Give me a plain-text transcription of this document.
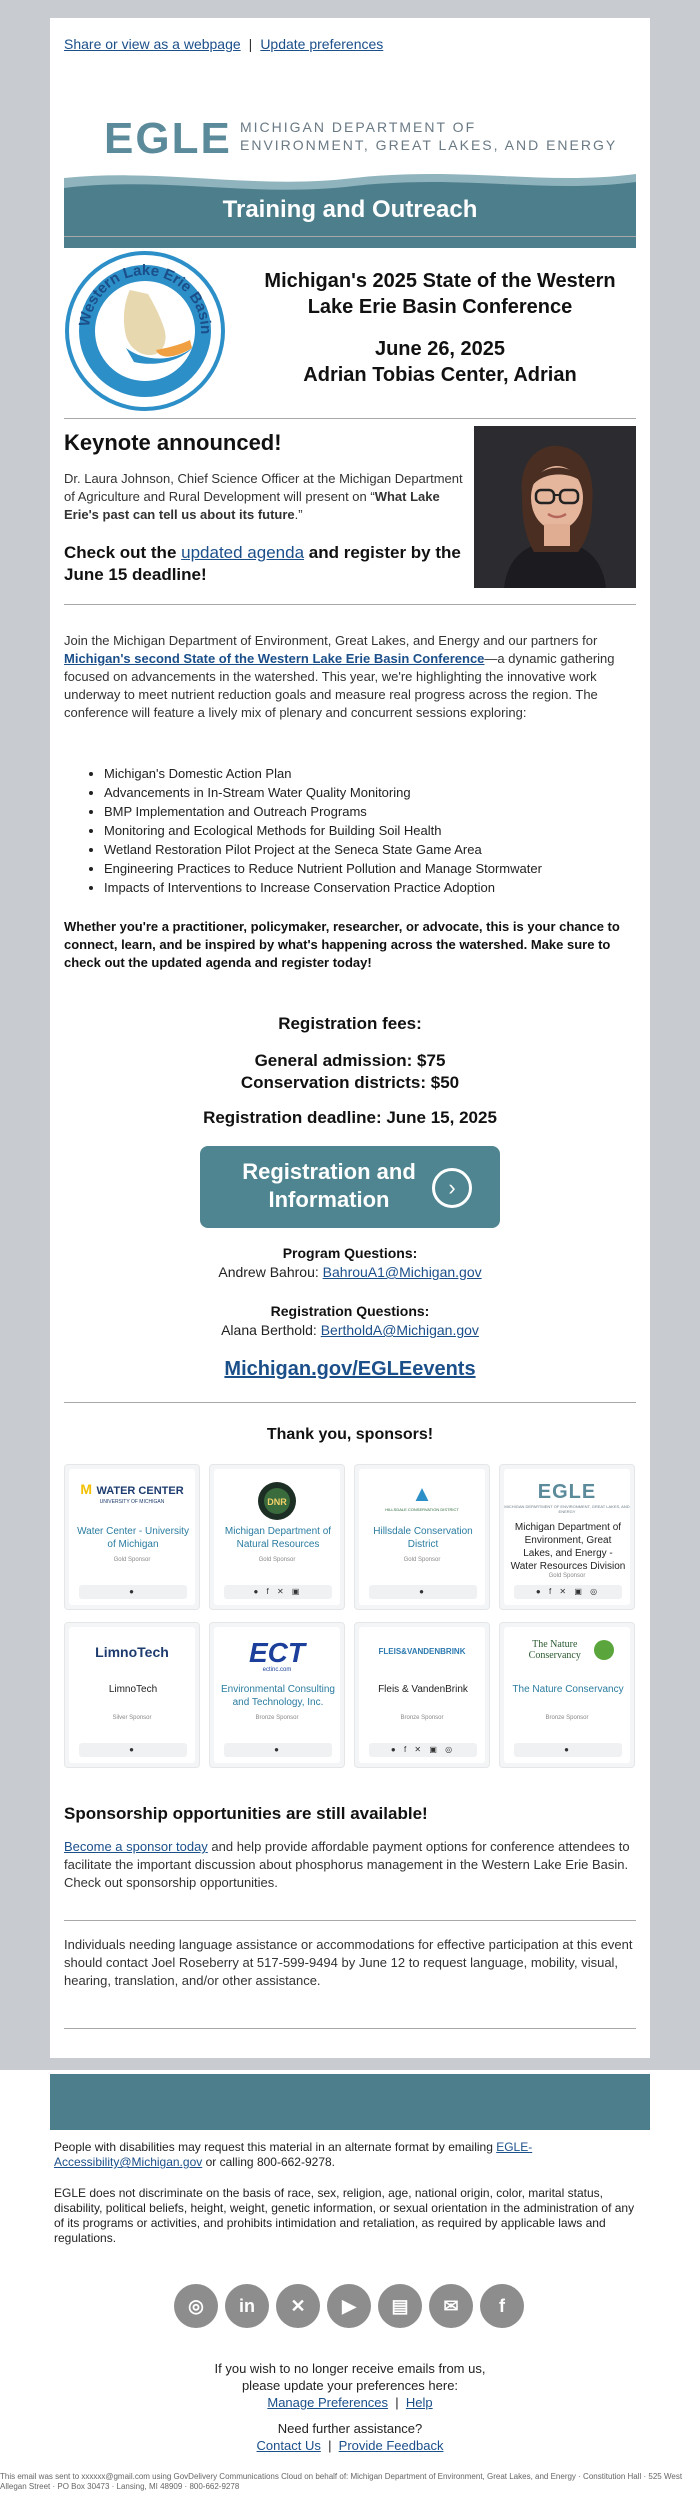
Share or view as a webpage | Update preferences
EGLE MICHIGAN DEPARTMENT OF
ENVIRONMENT, GREAT LAKES, AND ENERGY
Training and Outreach
Western Lake Erie Basin
Michigan's 2025 State of the Western Lake Erie Basin Conference
June 26, 2025
Adrian Tobias Center, Adrian
Keynote announced!
Dr. Laura Johnson, Chief Science Officer at the Michigan Department of Agriculture and Rural Development will present on “What Lake Erie's past can tell us about its future.”
Check out the updated agenda and register by the June 15 deadline!
Join the Michigan Department of Environment, Great Lakes, and Energy and our partners for Michigan's second State of the Western Lake Erie Basin Conference—a dynamic gathering focused on advancements in the watershed. This year, we're highlighting the innovative work underway to meet nutrient reduction goals and measure real progress across the region. The conference will feature a lively mix of plenary and concurrent sessions exploring:
• Michigan's Domestic Action Plan
• Advancements in In-Stream Water Quality Monitoring
• BMP Implementation and Outreach Programs
• Monitoring and Ecological Methods for Building Soil Health
• Wetland Restoration Pilot Project at the Seneca State Game Area
• Engineering Practices to Reduce Nutrient Pollution and Manage Stormwater
• Impacts of Interventions to Increase Conservation Practice Adoption
Whether you're a practitioner, policymaker, researcher, or advocate, this is your chance to connect, learn, and be inspired by what's happening across the watershed. Make sure to check out the updated agenda and register today!
Registration fees:
General admission: $75
Conservation districts: $50
Registration deadline: June 15, 2025
Registration and Information	›
Program Questions:
Andrew Bahrou: BahrouA1@Michigan.gov
Registration Questions:
Alana Berthold: BertholdA@Michigan.gov
Michigan.gov/EGLEevents
Thank you, sponsors!
M WATER CENTER
UNIVERSITY OF MICHIGAN
Water Center - University of Michigan
Gold Sponsor
●
DNR
Michigan Department of Natural Resources
Gold Sponsor
● f ✕ ▣
▲
HILLSDALE CONSERVATION DISTRICT
Hillsdale Conservation District
Gold Sponsor
●
EGLE
MICHIGAN DEPARTMENT OF ENVIRONMENT, GREAT LAKES, AND ENERGY
Michigan Department of Environment, Great Lakes, and Energy - Water Resources Division
Gold Sponsor
● f ✕ ▣ ◎
LimnoTech
LimnoTech
Silver Sponsor
●
ECT
ectinc.com
Environmental Consulting and Technology, Inc.
Bronze Sponsor
●
FLEIS&VANDENBRINK
Fleis & VandenBrink
Bronze Sponsor
● f ✕ ▣ ◎
The Nature Conservancy
The Nature Conservancy
Bronze Sponsor
●
Sponsorship opportunities are still available!
Become a sponsor today and help provide affordable payment options for conference attendees to facilitate the important discussion about phosphorus management in the Western Lake Erie Basin. Check out sponsorship opportunities.
Individuals needing language assistance or accommodations for effective participation at this event should contact Joel Roseberry at 517-599-9494 by June 12 to request language, mobility, visual, hearing, translation, and/or other assistance.
People with disabilities may request this material in an alternate format by emailing EGLE-Accessibility@Michigan.gov or calling 800-662-9278.
EGLE does not discriminate on the basis of race, sex, religion, age, national origin, color, marital status, disability, political beliefs, height, weight, genetic information, or sexual orientation in the administration of any of its programs or activities, and prohibits intimidation and retaliation, as required by applicable laws and regulations.
◎	in	✕	▶	▤	✉	f
If you wish to no longer receive emails from us,
please update your preferences here:
Manage Preferences  |  Help
Need further assistance?
Contact Us  |  Provide Feedback
This email was sent to xxxxxx@gmail.com using GovDelivery Communications Cloud on behalf of: Michigan Department of Environment, Great Lakes, and Energy · Constitution Hall · 525 West Allegan Street · PO Box 30473 · Lansing, MI 48909 · 800-662-9278
